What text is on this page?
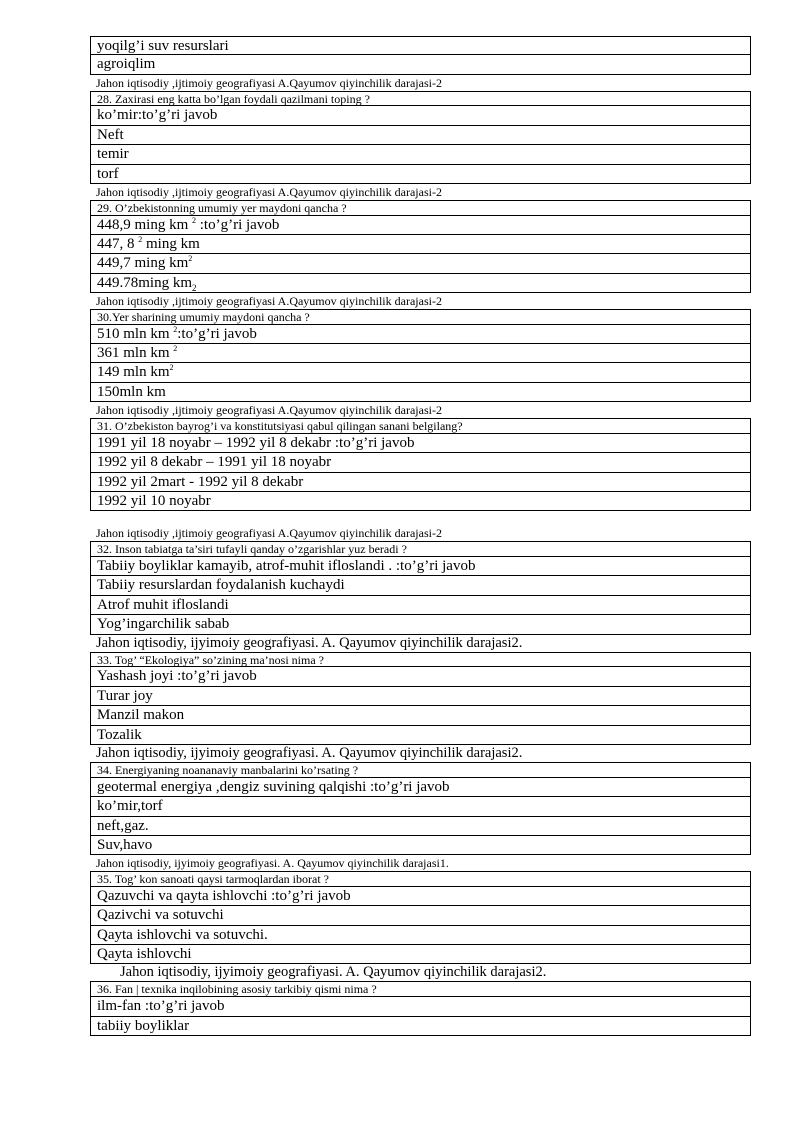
yoqilg’i suv resurslari
agroiqlim
Jahon iqtisodiy ,ijtimoiy geografiyasi A.Qayumov qiyinchilik darajasi-2
28. Zaxirasi eng katta bo’lgan foydali qazilmani toping ?
ko’mir:to’g’ri javob
Neft
temir
torf
Jahon iqtisodiy ,ijtimoiy geografiyasi A.Qayumov qiyinchilik darajasi-2
29. O’zbekistonning umumiy yer maydoni qancha ?
448,9 ming km $^2$ :to’g’ri javob
447, 8 $^2$ ming km
449,7 ming $km^2$
449.78ming $km_2$
Jahon iqtisodiy ,ijtimoiy geografiyasi A.Qayumov qiyinchilik darajasi-2
30.Yer sharining umumiy maydoni qancha ?
510 mln km $^2$:to’g’ri javob
361 mln km $^2$
149 mln $km^2$
150mln km
Jahon iqtisodiy ,ijtimoiy geografiyasi A.Qayumov qiyinchilik darajasi-2
31. O’zbekiston bayrog’i va konstitutsiyasi qabul qilingan sanani belgilang?
1991 yil 18 noyabr – 1992 yil 8 dekabr :to’g’ri javob
1992 yil 8 dekabr – 1991 yil 18 noyabr
1992 yil 2mart - 1992 yil 8 dekabr
1992 yil 10 noyabr
Jahon iqtisodiy ,ijtimoiy geografiyasi A.Qayumov qiyinchilik darajasi-2
32. Inson tabiatga ta’siri tufayli qanday o’zgarishlar yuz beradi ?
Tabiiy boyliklar kamayib, atrof-muhit ifloslandi . :to’g’ri javob
Tabiiy resurslardan foydalanish kuchaydi
Atrof muhit ifloslandi
Yog’ingarchilik sabab
Jahon iqtisodiy, ijyimoiy geografiyasi. A. Qayumov qiyinchilik darajasi2.
33. Tog’ “Ekologiya” so’zining ma’nosi nima ?
Yashash joyi :to’g’ri javob
Turar joy
Manzil makon
Tozalik
Jahon iqtisodiy, ijyimoiy geografiyasi. A. Qayumov qiyinchilik darajasi2.
34. Energiyaning noananaviy manbalarini ko’rsating ?
geotermal energiya ,dengiz suvining qalqishi :to’g’ri javob
ko’mir,torf
neft,gaz.
Suv,havo
Jahon iqtisodiy, ijyimoiy geografiyasi. A. Qayumov qiyinchilik darajasi1.
35. Tog’ kon sanoati qaysi tarmoqlardan iborat ?
Qazuvchi va qayta ishlovchi :to’g’ri javob
Qazivchi va sotuvchi
Qayta ishlovchi va sotuvchi.
Qayta ishlovchi
Jahon iqtisodiy, ijyimoiy geografiyasi. A. Qayumov qiyinchilik darajasi2.
36. Fan | texnika inqilobining asosiy tarkibiy qismi nima ?
ilm-fan :to’g’ri javob
tabiiy boyliklar
